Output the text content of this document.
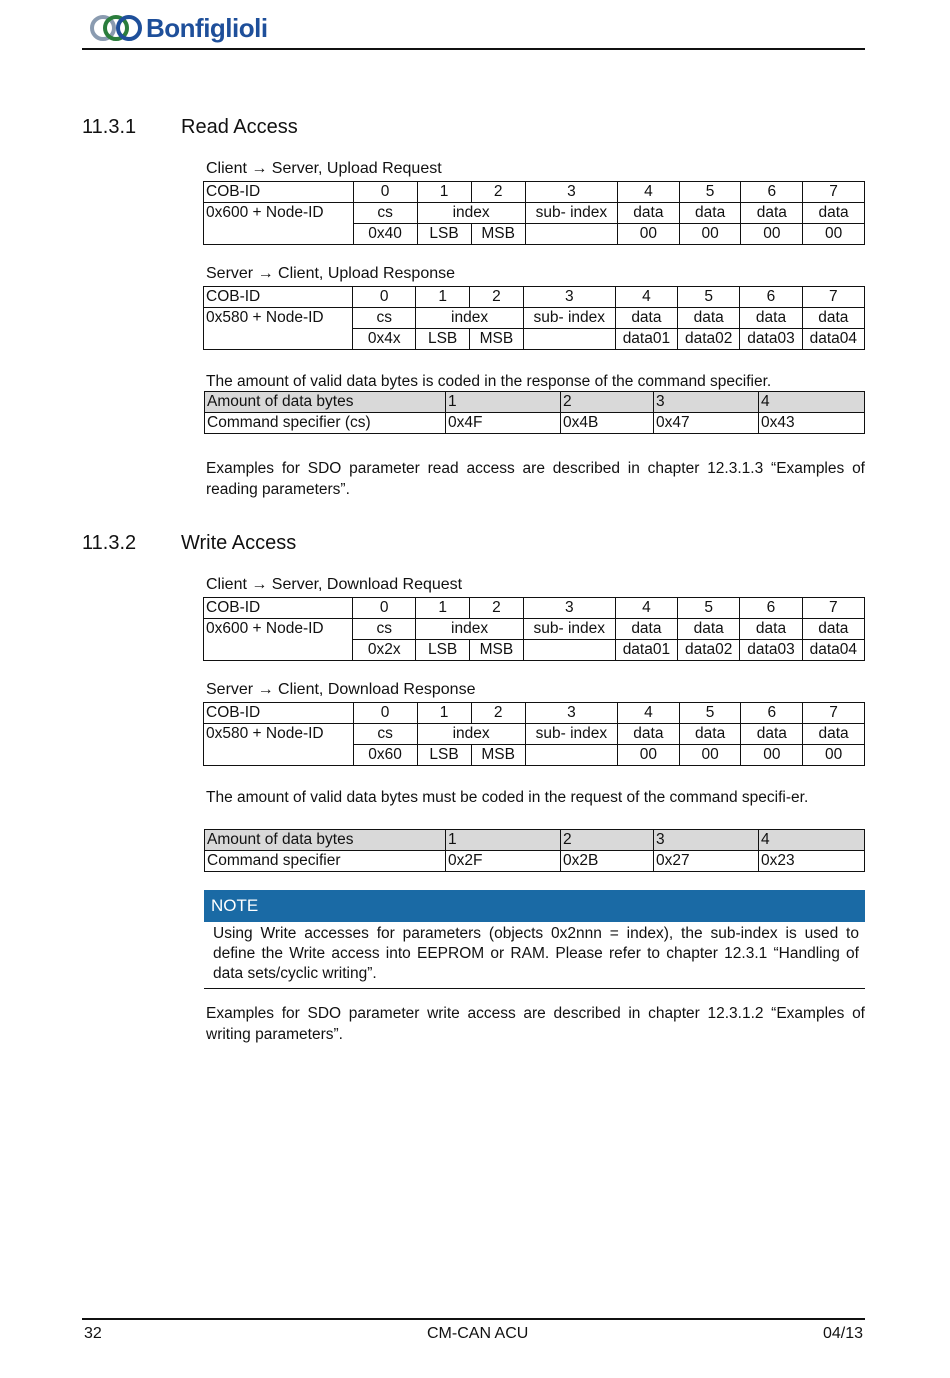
Bonfiglioli
11.3.1 Read Access
Client → Server, Upload Request
COB-ID	0	1	2	3	4	5	6	7
0x600 + Node-ID	cs	index		sub- index	data	data	data	data
	0x40	LSB	MSB		00	00	00	00
Server → Client, Upload Response
COB-ID	0	1	2	3	4	5	6	7
0x580 + Node-ID	cs	index		sub- index	data	data	data	data
	0x4x	LSB	MSB		data01	data02	data03	data04
The amount of valid data bytes is coded in the response of the command specifier.
Amount of data bytes	1	2	3	4
Command specifier (cs)	0x4F	0x4B	0x47	0x43
Examples for SDO parameter read access are described in chapter 12.3.1.3 “Examples of reading parameters”.
11.3.2 Write Access
Client → Server, Download Request
COB-ID	0	1	2	3	4	5	6	7
0x600 + Node-ID	cs	index		sub- index	data	data	data	data
	0x2x	LSB	MSB		data01	data02	data03	data04
Server → Client, Download Response
COB-ID	0	1	2	3	4	5	6	7
0x580 + Node-ID	cs	index		sub- index	data	data	data	data
	0x60	LSB	MSB		00	00	00	00
The amount of valid data bytes must be coded in the request of the command specifi-er.
Amount of data bytes	1	2	3	4
Command specifier	0x2F	0x2B	0x27	0x23
NOTE

Using Write accesses for parameters (objects 0x2nnn = index), the sub-index is used to define the Write access into EEPROM or RAM. Please refer to chapter 12.3.1 “Handling of data sets/cyclic writing”.

Examples for SDO parameter write access are described in chapter 12.3.1.2 “Examples of writing parameters”.
32	CM-CAN ACU	04/13
